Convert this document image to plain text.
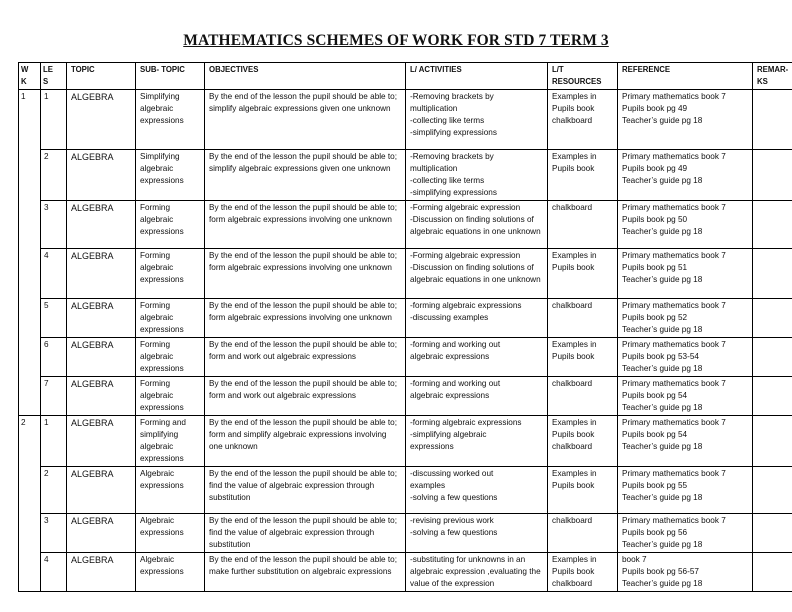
MATHEMATICS SCHEMES OF WORK FOR STD 7 TERM 3
W
K	LE
S	TOPIC	SUB- TOPIC	OBJECTIVES	L/ ACTIVITIES	L/T
RESOURCES	REFERENCE	REMAR-
KS
1	1	ALGEBRA	Simplifying
algebraic
expressions	By the end of the lesson the pupil should be able to; simplify algebraic expressions given one unknown	-Removing brackets by
multiplication
-collecting like terms
-simplifying expressions	Examples in
Pupils book
chalkboard	Primary mathematics book 7
Pupils book pg 49
Teacher’s guide pg 18	
	2	ALGEBRA	Simplifying
algebraic
expressions	By the end of the lesson the pupil should be able to; simplify algebraic expressions given one unknown	-Removing brackets by
multiplication
-collecting like terms
-simplifying expressions	Examples in
Pupils book	Primary mathematics book 7
Pupils book pg 49
Teacher’s guide pg 18	
	3	ALGEBRA	Forming
algebraic
expressions	By the end of the lesson the pupil should be able to; form algebraic expressions involving one unknown	-Forming algebraic expression
-Discussion on finding solutions of algebraic equations in one unknown	chalkboard	Primary mathematics book 7
Pupils book pg 50
Teacher’s guide pg 18	
	4	ALGEBRA	Forming
algebraic
expressions	By the end of the lesson the pupil should be able to; form algebraic expressions involving one unknown	-Forming algebraic expression
-Discussion on finding solutions of algebraic equations in one unknown	Examples in
Pupils book	Primary mathematics book 7
Pupils book pg 51
Teacher’s guide pg 18	
	5	ALGEBRA	Forming
algebraic
expressions	By the end of the lesson the pupil should be able to; form algebraic expressions involving one unknown	-forming algebraic expressions
-discussing examples	chalkboard	Primary mathematics book 7
Pupils book pg 52
Teacher’s guide pg 18	
	6	ALGEBRA	Forming
algebraic
expressions	By the end of the lesson the pupil should be able to; form and work out algebraic expressions	-forming and working out
algebraic expressions	Examples in
Pupils book	Primary mathematics book 7
Pupils book pg 53-54
Teacher’s guide pg 18	
	7	ALGEBRA	Forming
algebraic
expressions	By the end of the lesson the pupil should be able to; form and work out algebraic expressions	-forming and working out
algebraic expressions	chalkboard	Primary mathematics book 7
Pupils book pg 54
Teacher’s guide pg 18	
2	1	ALGEBRA	Forming and
simplifying
algebraic
expressions	By the end of the lesson the pupil should be able to; form and simplify algebraic expressions involving one unknown	-forming algebraic expressions
-simplifying algebraic
expressions	Examples in
Pupils book
chalkboard	Primary mathematics book 7
Pupils book pg 54
Teacher’s guide pg 18	
	2	ALGEBRA	Algebraic
expressions	By the end of the lesson the pupil should be able to; find the value of algebraic expression through substitution	-discussing worked out
examples
-solving a few questions	Examples in
Pupils book	Primary mathematics book 7
Pupils book pg 55
Teacher’s guide pg 18	
	3	ALGEBRA	Algebraic
expressions	By the end of the lesson the pupil should be able to; find the value of algebraic expression through substitution	-revising previous work
-solving a few questions	chalkboard	Primary mathematics book 7
Pupils book pg 56
Teacher’s guide pg 18	
	4	ALGEBRA	Algebraic
expressions	By the end of the lesson the pupil should be able to; make further substitution on algebraic expressions	-substituting for unknowns in an algebraic expression ,evaluating the value of the expression	Examples in
Pupils book
chalkboard	book 7
Pupils book pg 56-57
Teacher’s guide pg 18	
